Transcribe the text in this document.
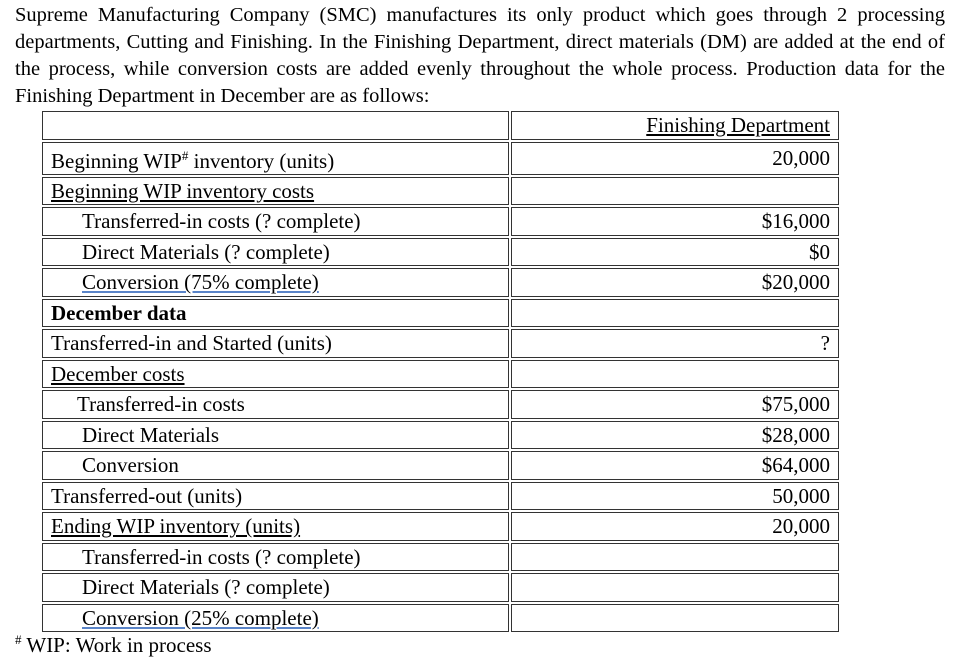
Supreme Manufacturing Company (SMC) manufactures its only product which goes through 2 processing departments, Cutting and Finishing. In the Finishing Department, direct materials (DM) are added at the end of the process, while conversion costs are added evenly throughout the whole process. Production data for the Finishing Department in December are as follows:
	Finishing Department
Beginning WIP# inventory (units)	20,000
Beginning WIP inventory costs	
Transferred-in costs (? complete)	$16,000
Direct Materials (? complete)	$0
Conversion (75% complete)	$20,000
December data	
Transferred-in and Started (units)	?
December costs	
Transferred-in costs	$75,000
Direct Materials	$28,000
Conversion	$64,000
Transferred-out (units)	50,000
Ending WIP inventory (units)	20,000
Transferred-in costs (? complete)	
Direct Materials (? complete)	
Conversion (25% complete)	
# WIP: Work in process
